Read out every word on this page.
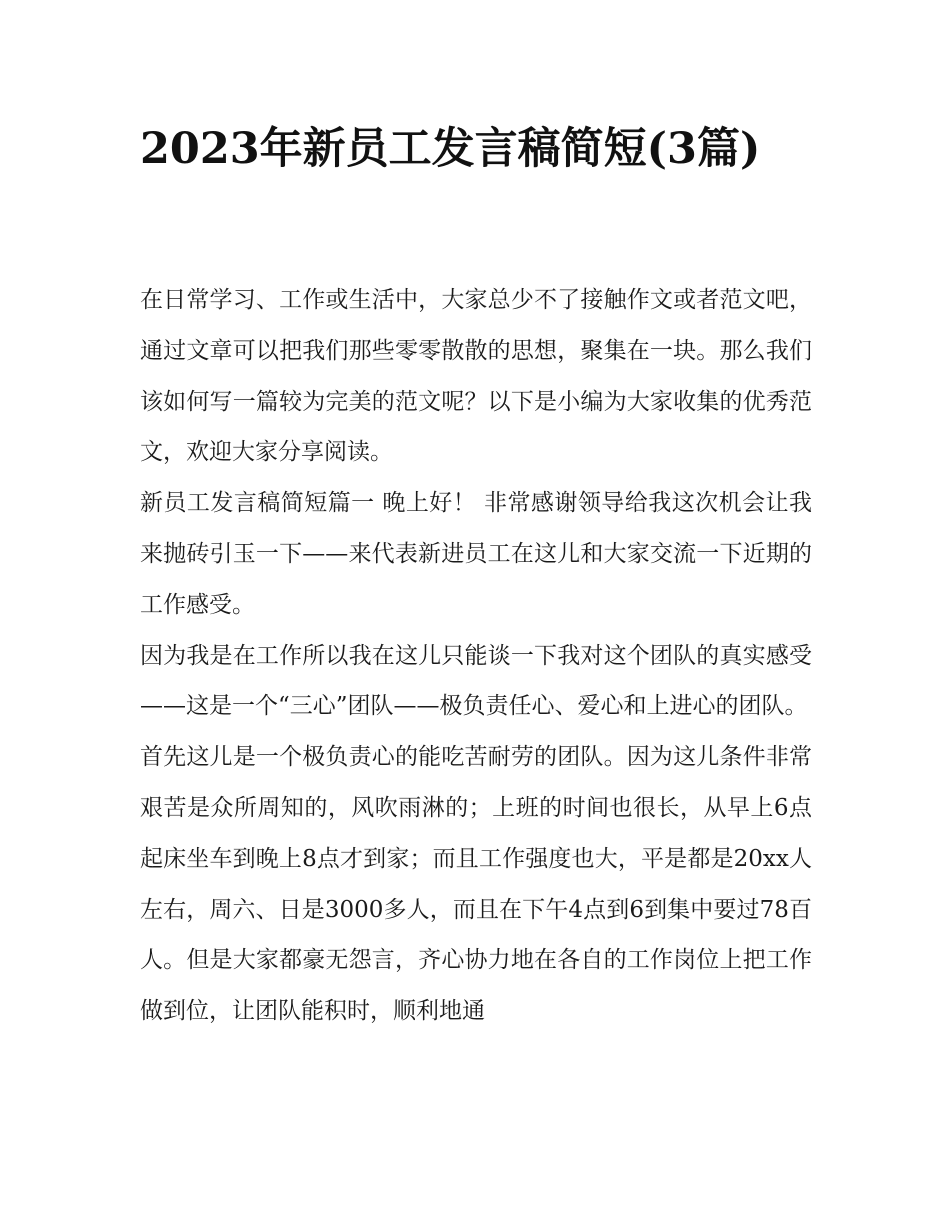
2023年新员工发言稿简短(3篇)

在日常学习、工作或生活中，大家总少不了接触作文或者范文吧，通过文章可以把我们那些零零散散的思想，聚集在一块。那么我们该如何写一篇较为完美的范文呢？以下是小编为大家收集的优秀范文，欢迎大家分享阅读。

新员工发言稿简短篇一 晚上好！ 非常感谢领导给我这次机会让我来抛砖引玉一下——来代表新进员工在这儿和大家交流一下近期的工作感受。

因为我是在工作所以我在这儿只能谈一下我对这个团队的真实感受——这是一个“三心”团队——极负责任心、爱心和上进心的团队。

首先这儿是一个极负责心的能吃苦耐劳的团队。因为这儿条件非常艰苦是众所周知的，风吹雨淋的；上班的时间也很长，从早上6点起床坐车到晚上8点才到家；而且工作强度也大，平是都是20xx人左右，周六、日是3000多人，而且在下午4点到6到集中要过78百人。但是大家都豪无怨言，齐心协力地在各自的工作岗位上把工作做到位，让团队能积时，顺利地通
